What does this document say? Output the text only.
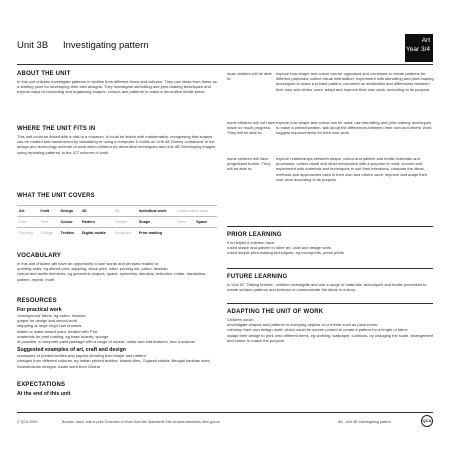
Unit 3B Investigating pattern	Art
Year 3/4
ABOUT THE UNIT
In this unit children investigate patterns in textiles from different times and cultures. They use ideas from these as a starting point for developing their own designs. They investigate stencilling and print-making techniques and explore ways of combining and organising shapes, colours and patterns to make a decorative textile piece.
WHERE THE UNIT FITS IN
This unit could be linked with a visit to a museum. It could be linked with mathematics: recognising that shapes can be rotated and transformed by visualising or using a computer. It builds on Unit 4A 'Money containers' in the design and technology scheme of work when children try decorative techniques and Unit 4B 'Developing images using repeating patterns' in the ICT scheme of work.
WHAT THE UNIT COVERS
Art	Craft	Design	2D	3D	Individual work	Collaborative work	
Line	Tone	Colour	Pattern	Texture	Shape	Form	Space
Painting	Collage	Textiles	Digital media	Sculpture	Print making		
VOCABULARY
In this unit children will have an opportunity to use words and phrases related to:
• printing skills, eg stencil print, stippling, block print, roller, printing ink, calico, hessian
• visual and tactile elements, eg geometric shapes, space, symmetry, identical, reflective, rotate, translation, pattern, repeat, motif
RESOURCES
For practical work
• 'background' fabric, eg calico, hessian
• paper for design and stencil work
• stippling or large hog's hair brushes
• fabric or water-based paint, treated with PVA
• materials for print making, eg base boards, sponge
• if possible, a computer paint package with a range of repeat, rotate and edit features, and a scanner
Suggested examples of art, craft and design
• examples of printed textiles and papers showing bold shape and pattern
• designs from different cultures, eg Indian printed textiles, Islamic tiles, Gujarati shisha, Bengali kanthas work, Scandinavian designs, Asafo work from Ghana
EXPECTATIONS
At the end of this unit
most children will be able to:
explore how shape and colour can be organised and combined to create patterns for different purposes; collect visual information; experiment with stencilling and print-making techniques to make a printed pattern; comment on similarities and differences between their own and others' work; adapt and improve their own work, according to its purpose
some children will not have made so much progress. They will be able to:
explore how shape and colour can be used; use stencilling and print-making techniques to make a printed pattern; talk about the differences between their own and others' work; suggest improvements for their own work
some children will have progressed further. They will be able to:
explore relationships between shape, colour and pattern and textile materials and processes; collect visual and other information with a purpose in mind; choose and experiment with materials and techniques to suit their intentions; compare the ideas, methods and approaches used in their own and others' work; improve and adapt their own work according to its purpose
PRIOR LEARNING
It is helpful if children have:
• used shape and pattern in other art, craft and design work
• used simple print-making techniques, eg monoprints, press prints
FUTURE LEARNING
In Unit 5C 'Talking textiles', children investigate and use a range of materials, techniques and textile processes to create surface patterns and textures to communicate the ideas in a story.
ADAPTING THE UNIT OF WORK
Children could:
• investigate shapes and patterns in everyday objects on a theme such as plant forms
• develop their own design motif, which could be screen printed to create a pattern for a length of fabric
• adapt their design to print onto different items, eg clothing, wallpaper, cushions, by changing the scale, arrangement and colour to match the purpose
© QCA 2000	Browse, save, edit or print Schemes of Work from the Standards Site at www.standards.dfes.gov.uk	Art - Unit 3B Investigating pattern	QCA
